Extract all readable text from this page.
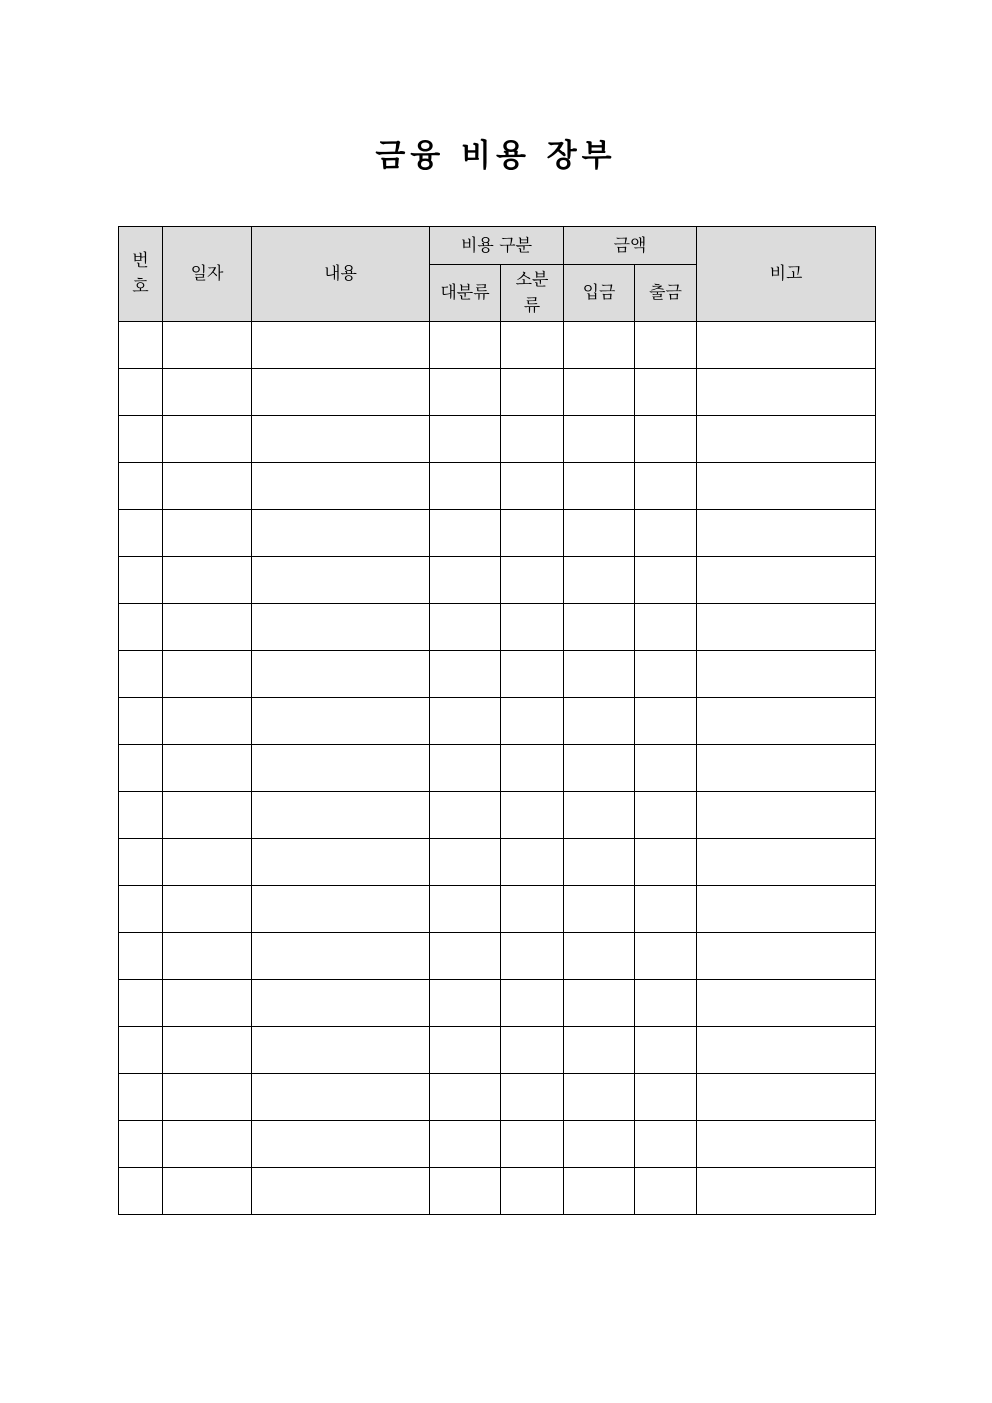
금융 비용 장부
번호	일자	내용	비용 구분		금액		비고
			대분류	소분류	입금	출금	
